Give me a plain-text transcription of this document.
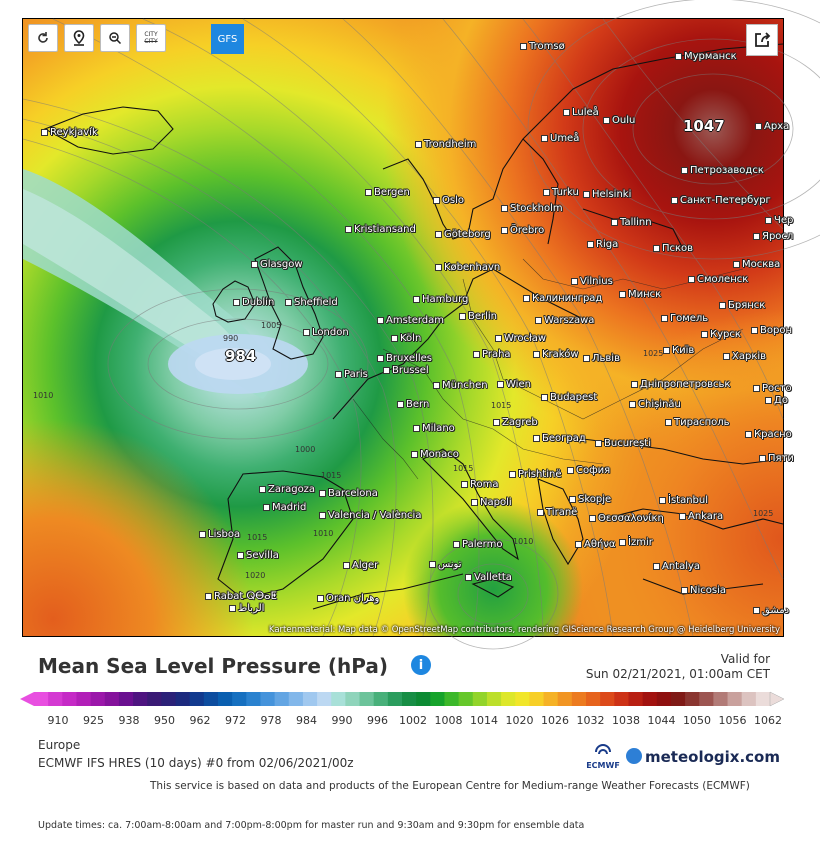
1010
1000
1025
1015
1015
1015
1025
1010
1015
1020
990
1005
1010
1047
984
Tromsø
Мурманск
Reykjavík
Luleå
Oulu
Арха
Umeå
Trondheim
Петрозаводск
Bergen	Turku	Helsinki
Oslo	Санкт-Петербург
Stockholm
Tallinn	Чер
Kristiansand	Göteborg	Örebro
Яросл
Riga	Псков
Glasgow	København	Москва
Vilnius	Смоленск
Калининград	Минск
Dublin	Sheffield	Hamburg
Брянск
Amsterdam	Berlin	Warszawa	Гомель
Ворон
London
Köln	Wrocław	Курск
Bruxelles
Brussel
Praha	Kraków	Львів
Київ
Харків
Paris
München	Wien	Дніпропетровськ	Росто
Bern
Budapest
Chișinău	До
Milano
Zagreb	Тирасполь
Красно
Београд	București
Monaco	Пяти
Prishtinë	София
Zaragoza	Barcelona
Roma
Madrid	Napoli	Skopje	İstanbul
Valencia / València	Tiranë
Θεσσαλονίκη	Ankara
Lisboa
Αθήνα	İzmir
Sevilla
Alger
Palermo
تونس	Antalya
Valletta
Rabat ⵕⴱⴰⵟ
الرباط
Oran وهران
Nicosia
دمشق
CITY
CITY	GFS
Kartenmaterial: Map data © OpenStreetMap contributors, rendering GIScience Research Group @ Heidelberg University
Mean Sea Level Pressure (hPa)	i	Valid for
Sun 02/21/2021, 01:00am CET
910 925 938 950 962 972 978 984 990 996 1002 1008 1014 1020 1026 1032 1038 1044 1050 1056 1062
Europe
ECMWF IFS HRES (10 days) #0 from 02/06/2021/00z	ECMWF	meteologix.com
This service is based on data and products of the European Centre for Medium-range Weather Forecasts (ECMWF)
Update times: ca. 7:00am-8:00am and 7:00pm-8:00pm for master run and 9:30am and 9:30pm for ensemble data
